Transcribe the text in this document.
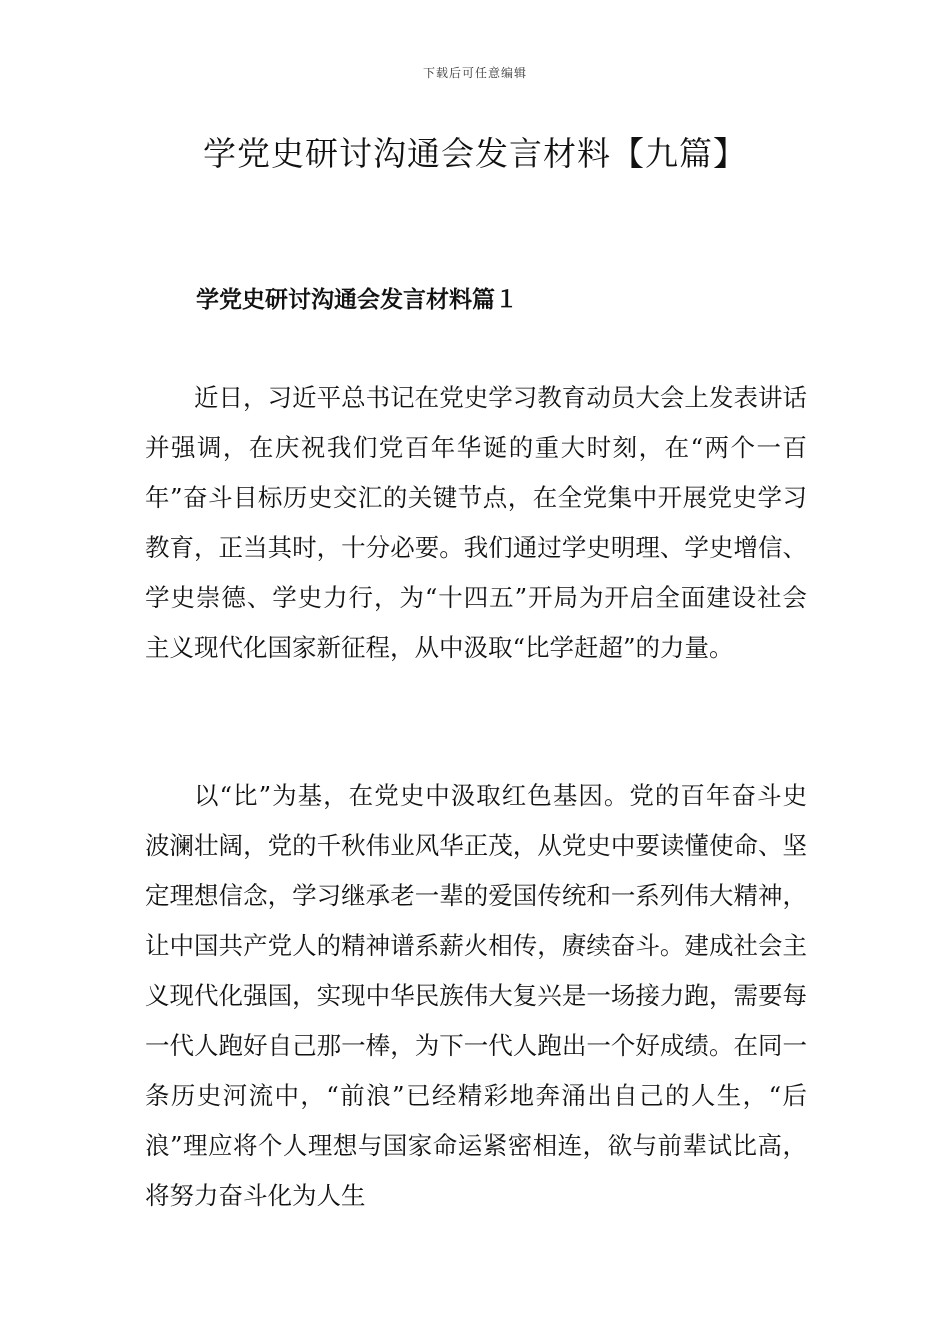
下载后可任意编辑
学党史研讨沟通会发言材料【九篇】
学党史研讨沟通会发言材料篇１

近日，习近平总书记在党史学习教育动员大会上发表讲话并强调，在庆祝我们党百年华诞的重大时刻，在“两个一百年”奋斗目标历史交汇的关键节点，在全党集中开展党史学习教育，正当其时，十分必要。我们通过学史明理、学史增信、学史崇德、学史力行，为“十四五”开局为开启全面建设社会主义现代化国家新征程，从中汲取“比学赶超”的力量。

以“比”为基，在党史中汲取红色基因。党的百年奋斗史波澜壮阔，党的千秋伟业风华正茂，从党史中要读懂使命、坚定理想信念，学习继承老一辈的爱国传统和一系列伟大精神，让中国共产党人的精神谱系薪火相传，赓续奋斗。建成社会主义现代化强国，实现中华民族伟大复兴是一场接力跑，需要每一代人跑好自己那一棒，为下一代人跑出一个好成绩。在同一条历史河流中，“前浪”已经精彩地奔涌出自己的人生，“后浪”理应将个人理想与国家命运紧密相连，欲与前辈试比高，将努力奋斗化为人生
